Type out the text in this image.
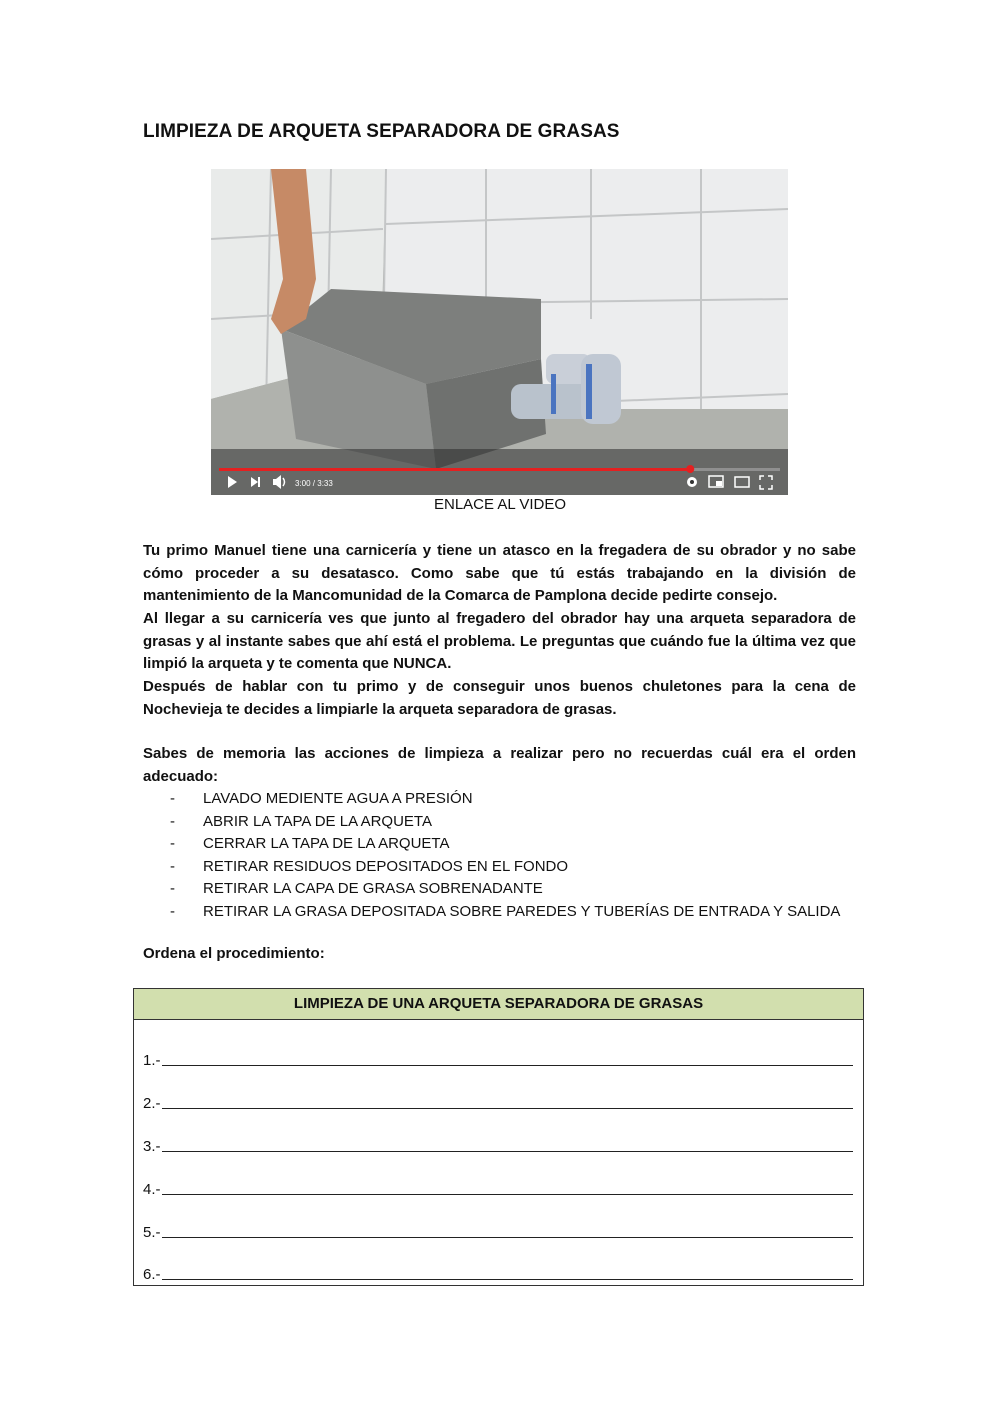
LIMPIEZA DE ARQUETA SEPARADORA DE GRASAS
3:00 / 3:33
ENLACE AL VIDEO

Tu primo Manuel tiene una carnicería y tiene un atasco en la fregadera de su obrador y no sabe cómo proceder a su desatasco. Como sabe que tú estás trabajando en la división de mantenimiento de la Mancomunidad de la Comarca de Pamplona decide pedirte consejo.

Al llegar a su carnicería ves que junto al fregadero del obrador hay una arqueta separadora de grasas y al instante sabes que ahí está el problema. Le preguntas que cuándo fue la última vez que limpió la arqueta y te comenta que NUNCA.

Después de hablar con tu primo y de conseguir unos buenos chuletones para la cena de Nochevieja te decides a limpiarle la arqueta separadora de grasas.

Sabes de memoria las acciones de limpieza a realizar pero no recuerdas cuál era el orden adecuado:

-	LAVADO MEDIENTE AGUA A PRESIÓN
-	ABRIR LA TAPA DE LA ARQUETA
-	CERRAR LA TAPA DE LA ARQUETA
-	RETIRAR RESIDUOS DEPOSITADOS EN EL FONDO
-	RETIRAR LA CAPA DE GRASA SOBRENADANTE
-	RETIRAR LA GRASA DEPOSITADA SOBRE PAREDES Y TUBERÍAS DE ENTRADA Y SALIDA
Ordena el procedimiento:
LIMPIEZA DE UNA ARQUETA SEPARADORA DE GRASAS
1.-
2.-
3.-
4.-
5.-
6.-
